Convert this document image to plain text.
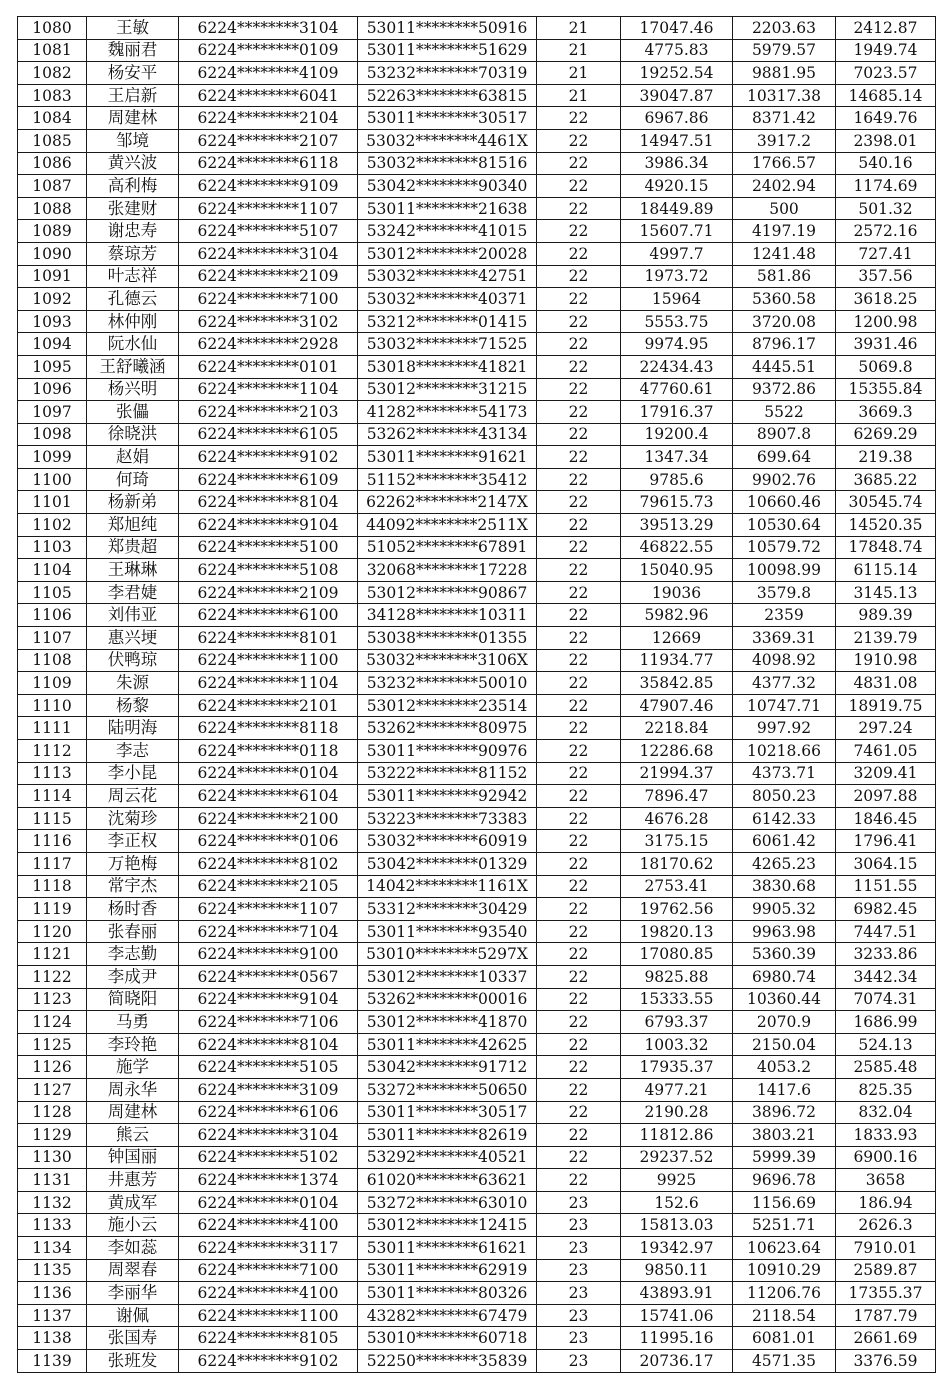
1080	王敏	6224********3104	53011********50916	21	17047.46	2203.63	2412.87
1081	魏丽君	6224********0109	53011********51629	21	4775.83	5979.57	1949.74
1082	杨安平	6224********4109	53232********70319	21	19252.54	9881.95	7023.57
1083	王启新	6224********6041	52263********63815	21	39047.87	10317.38	14685.14
1084	周建林	6224********2104	53011********30517	22	6967.86	8371.42	1649.76
1085	邹境	6224********2107	53032********4461X	22	14947.51	3917.2	2398.01
1086	黄兴波	6224********6118	53032********81516	22	3986.34	1766.57	540.16
1087	高利梅	6224********9109	53042********90340	22	4920.15	2402.94	1174.69
1088	张建财	6224********1107	53011********21638	22	18449.89	500	501.32
1089	谢忠寿	6224********5107	53242********41015	22	15607.71	4197.19	2572.16
1090	蔡琼芳	6224********3104	53012********20028	22	4997.7	1241.48	727.41
1091	叶志祥	6224********2109	53032********42751	22	1973.72	581.86	357.56
1092	孔德云	6224********7100	53032********40371	22	15964	5360.58	3618.25
1093	林仲刚	6224********3102	53212********01415	22	5553.75	3720.08	1200.98
1094	阮水仙	6224********2928	53032********71525	22	9974.95	8796.17	3931.46
1095	王舒曦涵	6224********0101	53018********41821	22	22434.43	4445.51	5069.8
1096	杨兴明	6224********1104	53012********31215	22	47760.61	9372.86	15355.84
1097	张儡	6224********2103	41282********54173	22	17916.37	5522	3669.3
1098	徐晓洪	6224********6105	53262********43134	22	19200.4	8907.8	6269.29
1099	赵娟	6224********9102	53011********91621	22	1347.34	699.64	219.38
1100	何琦	6224********6109	51152********35412	22	9785.6	9902.76	3685.22
1101	杨新弟	6224********8104	62262********2147X	22	79615.73	10660.46	30545.74
1102	郑旭纯	6224********9104	44092********2511X	22	39513.29	10530.64	14520.35
1103	郑贵超	6224********5100	51052********67891	22	46822.55	10579.72	17848.74
1104	王琳琳	6224********5108	32068********17228	22	15040.95	10098.99	6115.14
1105	李君婕	6224********2109	53012********90867	22	19036	3579.8	3145.13
1106	刘伟亚	6224********6100	34128********10311	22	5982.96	2359	989.39
1107	惠兴埂	6224********8101	53038********01355	22	12669	3369.31	2139.79
1108	伏鸭琼	6224********1100	53032********3106X	22	11934.77	4098.92	1910.98
1109	朱源	6224********1104	53232********50010	22	35842.85	4377.32	4831.08
1110	杨黎	6224********2101	53012********23514	22	47907.46	10747.71	18919.75
1111	陆明海	6224********8118	53262********80975	22	2218.84	997.92	297.24
1112	李志	6224********0118	53011********90976	22	12286.68	10218.66	7461.05
1113	李小昆	6224********0104	53222********81152	22	21994.37	4373.71	3209.41
1114	周云花	6224********6104	53011********92942	22	7896.47	8050.23	2097.88
1115	沈菊珍	6224********2100	53223********73383	22	4676.28	6142.33	1846.45
1116	李正权	6224********0106	53032********60919	22	3175.15	6061.42	1796.41
1117	万艳梅	6224********8102	53042********01329	22	18170.62	4265.23	3064.15
1118	常宇杰	6224********2105	14042********1161X	22	2753.41	3830.68	1151.55
1119	杨时香	6224********1107	53312********30429	22	19762.56	9905.32	6982.45
1120	张春丽	6224********7104	53011********93540	22	19820.13	9963.98	7447.51
1121	李志勤	6224********9100	53010********5297X	22	17080.85	5360.39	3233.86
1122	李成尹	6224********0567	53012********10337	22	9825.88	6980.74	3442.34
1123	简晓阳	6224********9104	53262********00016	22	15333.55	10360.44	7074.31
1124	马勇	6224********7106	53012********41870	22	6793.37	2070.9	1686.99
1125	李玲艳	6224********8104	53011********42625	22	1003.32	2150.04	524.13
1126	施学	6224********5105	53042********91712	22	17935.37	4053.2	2585.48
1127	周永华	6224********3109	53272********50650	22	4977.21	1417.6	825.35
1128	周建林	6224********6106	53011********30517	22	2190.28	3896.72	832.04
1129	熊云	6224********3104	53011********82619	22	11812.86	3803.21	1833.93
1130	钟国丽	6224********5102	53292********40521	22	29237.52	5999.39	6900.16
1131	井惠芳	6224********1374	61020********63621	22	9925	9696.78	3658
1132	黄成军	6224********0104	53272********63010	23	152.6	1156.69	186.94
1133	施小云	6224********4100	53012********12415	23	15813.03	5251.71	2626.3
1134	李如蕊	6224********3117	53011********61621	23	19342.97	10623.64	7910.01
1135	周翠春	6224********7100	53011********62919	23	9850.11	10910.29	2589.87
1136	李丽华	6224********4100	53011********80326	23	43893.91	11206.76	17355.37
1137	谢佩	6224********1100	43282********67479	23	15741.06	2118.54	1787.79
1138	张国寿	6224********8105	53010********60718	23	11995.16	6081.01	2661.69
1139	张班发	6224********9102	52250********35839	23	20736.17	4571.35	3376.59
